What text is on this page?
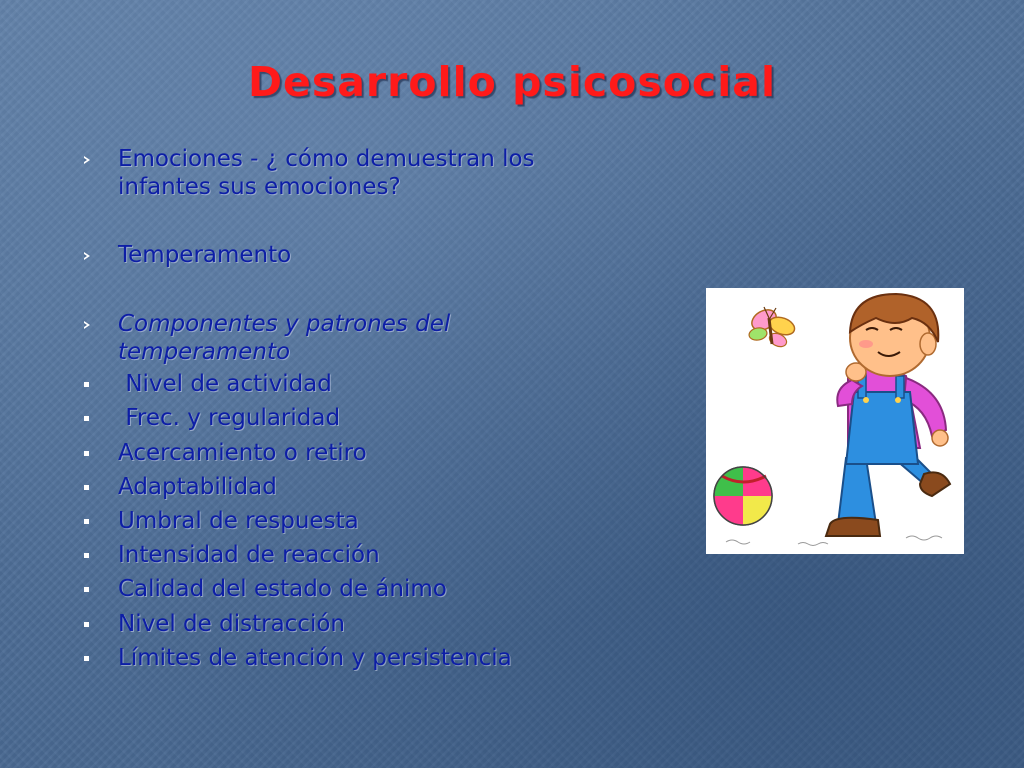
Desarrollo psicosocial
Emociones - ¿ cómo demuestran los
infantes sus emociones?
Temperamento
Componentes y patrones del
temperamento
Nivel de actividad
Frec. y regularidad
Acercamiento o retiro
Adaptabilidad
Umbral de respuesta
Intensidad de reacción
Calidad del estado de ánimo
Nivel de distracción
Límites de atención y persistencia
